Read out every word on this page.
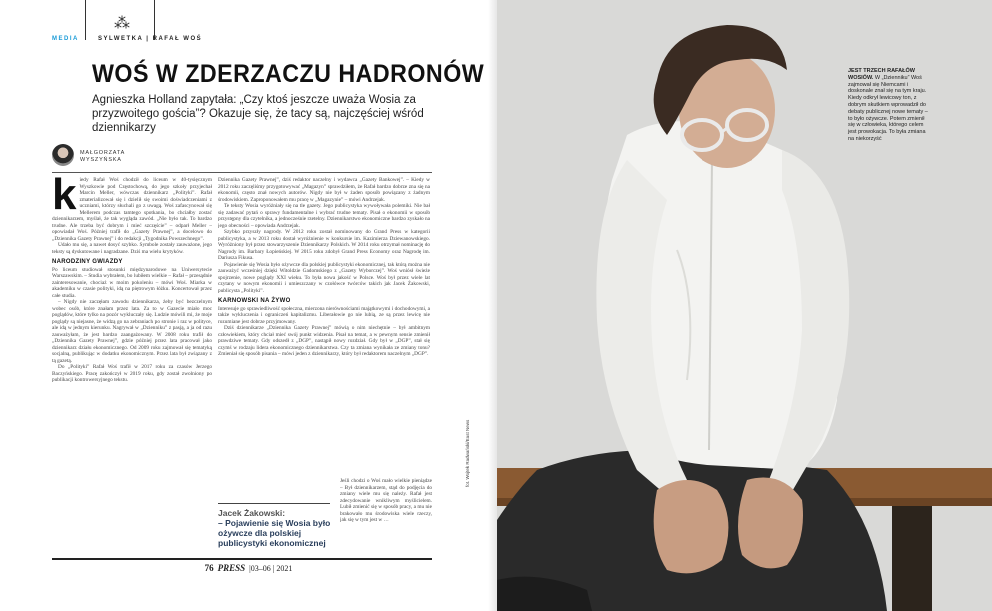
⁂
MEDIA	SYLWETKA | RAFAŁ WOŚ
WOŚ W ZDERZACZU HADRONÓW
Agnieszka Holland zapytała: „Czy ktoś jeszcze uważa Wosia za przyzwoitego gościa”? Okazuje się, że tacy są, najczęściej wśród dziennikarzy
MAŁGORZATA
WYSZYŃSKA
k iedy Rafał Woś chodził do liceum w 40-tysięcznym Wyszkowie pod Częstochową, do jego szkoły przyjechał Marcin Meller, wówczas dziennikarz „Polityki”. Rafał zmaterializował się i dzielił się swoimi doświadczeniami z uczniami, którzy słuchali go z uwagą. Woś zafascynował się Mellerem podczas tamtego spotkania, bo chciałby zostać dziennikarzem, myślał, że tak wygląda zawód. „Nie było tak. To bardzo trudne. Ale trzeba być dobrym i mieć szczęście” – odparł Meller – opowiadał Woś. Później trafił do „Gazety Prawnej”, a docelowo do „Dziennika Gazety Prawnej” i do redakcji „Tygodnika Powszechnego”.

Udało mu się, a nawet dosyć szybko. Symbole zostały zauważone, jego teksty są dyskutowane i nagradzane. Dziś ma wielu krytyków.

NARODZINY GWIAZDY

Po liceum studiował stosunki międzynarodowe na Uniwersytecie Warszawskim. – Studia wybrałem, bo lubiłem wielkie – Rafał – przesądnie zainteresowanie, chociaż w moim pokoleniu – mówi Woś. Miarka w akademiku w czasie polityki, idą na piętrowym łóżku. Koncertował przez całe studia.

– Nigdy nie zaczęłam zawodu dziennikarza, żeby być bezczelnym wobec osób, które znałam przez lata. Za to w Gazecie miało moc poglądów, które tylko na pozór wykluczały się. Ludzie mówili mi, że moje poglądy są niejasne, że widzą go na zebraniach po stronie i raz w polityce, ale idą w jednym kierunku. Nagrywał w „Dzienniku” z pasją, a ja od razu zauważyłam, że jest bardzo zaangażowany. W 2008 roku trafił do „Dziennika Gazety Prawnej”, gdzie później przez lata pracował jako dziennikarz działu ekonomicznego. Od 2009 roku zajmował się tematyką socjalną, publikując w dodatku ekonomicznym. Przez lata był związany z tą gazetą.

Do „Polityki” Rafał Woś trafił w 2017 roku za czasów Jerzego Baczyńskiego. Pracę zakończył w 2019 roku, gdy został zwolniony po publikacji kontrowersyjnego tekstu.

Dziennika Gazety Prawnej”, dziś redaktor naczelny i wydawca „Gazety Bankowej”. – Kiedy w 2012 roku zaczęliśmy przygotowywać „Magazyn” sprawdziłem, że Rafał bardzo dobrze zna się na ekonomii, często znał nowych autorów. Nigdy nie był w żaden sposób powiązany z żadnym środowiskiem. Zaproponowałem mu pracę w „Magazynie” – mówi Andrzejak.

Te teksty Wosia wyróżniały się na tle gazety. Jego publicystyka wywoływała polemiki. Nie bał się zadawać pytań o sprawy fundamentalne i wybrać trudne tematy. Pisał o ekonomii w sposób przystępny dla czytelnika, a jednocześnie rzetelny. Dziennikarstwo ekonomiczne bardzo zyskało na jego obecności – opowiada Andrzejak.

Szybko przyszły nagrody. W 2012 roku został nominowany do Grand Press w kategorii publicystyka, a w 2013 roku dostał wyróżnienie w konkursie im. Kazimierza Dziewanowskiego. Wyróżniony był przez stowarzyszenie Dziennikarzy Polskich. W 2014 roku otrzymał nominację do Nagrody im. Barbary Łopieńskiej. W 2015 roku zdobył Grand Press Economy oraz Nagrodę im. Dariusza Fikusa.

Pojawienie się Wosia było ożywcze dla polskiej publicystyki ekonomicznej, tak którą można nie zauważyć wcześniej dzięki Witoldzie Gadomskiego z „Gazety Wyborczej”. Woś wniósł świeże spojrzenie, nowe poglądy XXI wieku. To była nowa jakość w Polsce. Woś był przez wiele lat czytany w nowym ekonomii i umieszczany w czołówce twórców takich jak Jacek Żakowski, publicysta „Polityki”.

KARNOWSKI NA ŻYWO

Interesuje go sprawiedliwość społeczna, mierzona nierównościami majątkowymi i dochodowymi, a także wykluczenia i ograniczeń kapitalizmu. Liberałowie go nie lubią, ze są przez lewicę nie rozumiane jest dobrze przyjmowany.

Dziś dziennikarze „Dziennika Gazety Prawnej” mówią o nim niechętnie – był ambitnym człowiekiem, który chciał mieć swój punkt widzenia. Pisał na temat, a w pewnym sensie zmienił prawdziwe tematy. Gdy odszedł z „DGP”, nastąpił nowy rozdział. Gdy był w „DGP”, stał się czymś w rodzaju lidera ekonomicznego dziennikarstwa. Czy ta zmiana wynikała ze zmiany tonu? Zmieniał się sposób pisania – mówi jeden z dziennikarzy, który był redaktorem naczelnym „DGP”.

Jacek Żakowski:
– Pojawienie się Wosia było ożywcze dla polskiej publicystyki ekonomicznej

Jeśli chodzi o Woś mało wielkie pieniądze – Był dziennikarzem, stąd do podjęcia do zmiany wiele mu się należy. Rafał jest zdecydowanie wnikliwym myślicielem. Lubił zmienić się w sposób pracy, a mu nie brakowało mu środowiska wiele rzeczy, jak się w tym jest w …

76 PRESS  |03–06 | 2021
fot. Wojtek Radwański/East News
JEST TRZECH RAFAŁÓW WOSIÓW. W „Dzienniku” Woś zajmował się Niemcami i doskonale znał się na tym kraju. Kiedy odkrył lewicowy ton, z dobrym skutkiem wprowadził do debaty publicznej nowe tematy – to było ożywcze. Potem zmienił się w człowieka, którego celem jest prowokacja. To była zmiana na niekorzyść
